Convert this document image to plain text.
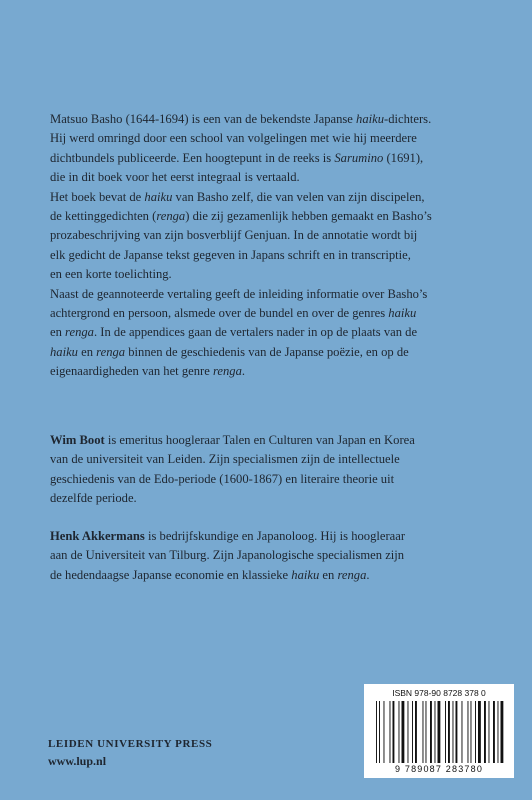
Matsuo Basho (1644-1694) is een van de bekendste Japanse haiku-dichters.

Hij werd omringd door een school van volgelingen met wie hij meerdere

dichtbundels publiceerde. Een hoogtepunt in de reeks is Sarumino (1691),

die in dit boek voor het eerst integraal is vertaald.

Het boek bevat de haiku van Basho zelf, die van velen van zijn discipelen,

de kettinggedichten (renga) die zij gezamenlijk hebben gemaakt en Basho’s

prozabeschrijving van zijn bosverblijf Genjuan. In de annotatie wordt bij

elk gedicht de Japanse tekst gegeven in Japans schrift en in transcriptie,

en een korte toelichting.

Naast de geannoteerde vertaling geeft de inleiding informatie over Basho’s

achtergrond en persoon, alsmede over de bundel en over de genres haiku

en renga. In de appendices gaan de vertalers nader in op de plaats van de

haiku en renga binnen de geschiedenis van de Japanse poëzie, en op de

eigenaardigheden van het genre renga.

Wim Boot is emeritus hoogleraar Talen en Culturen van Japan en Korea

van de universiteit van Leiden. Zijn specialismen zijn de intellectuele

geschiedenis van de Edo-periode (1600-1867) en literaire theorie uit

dezelfde periode.

Henk Akkermans is bedrijfskundige en Japanoloog. Hij is hoogleraar

aan de Universiteit van Tilburg. Zijn Japanologische specialismen zijn

de hedendaagse Japanse economie en klassieke haiku en renga.

LEIDEN UNIVERSITY PRESS
www.lup.nl
ISBN 978-90 8728 378 0
9 789087 283780
